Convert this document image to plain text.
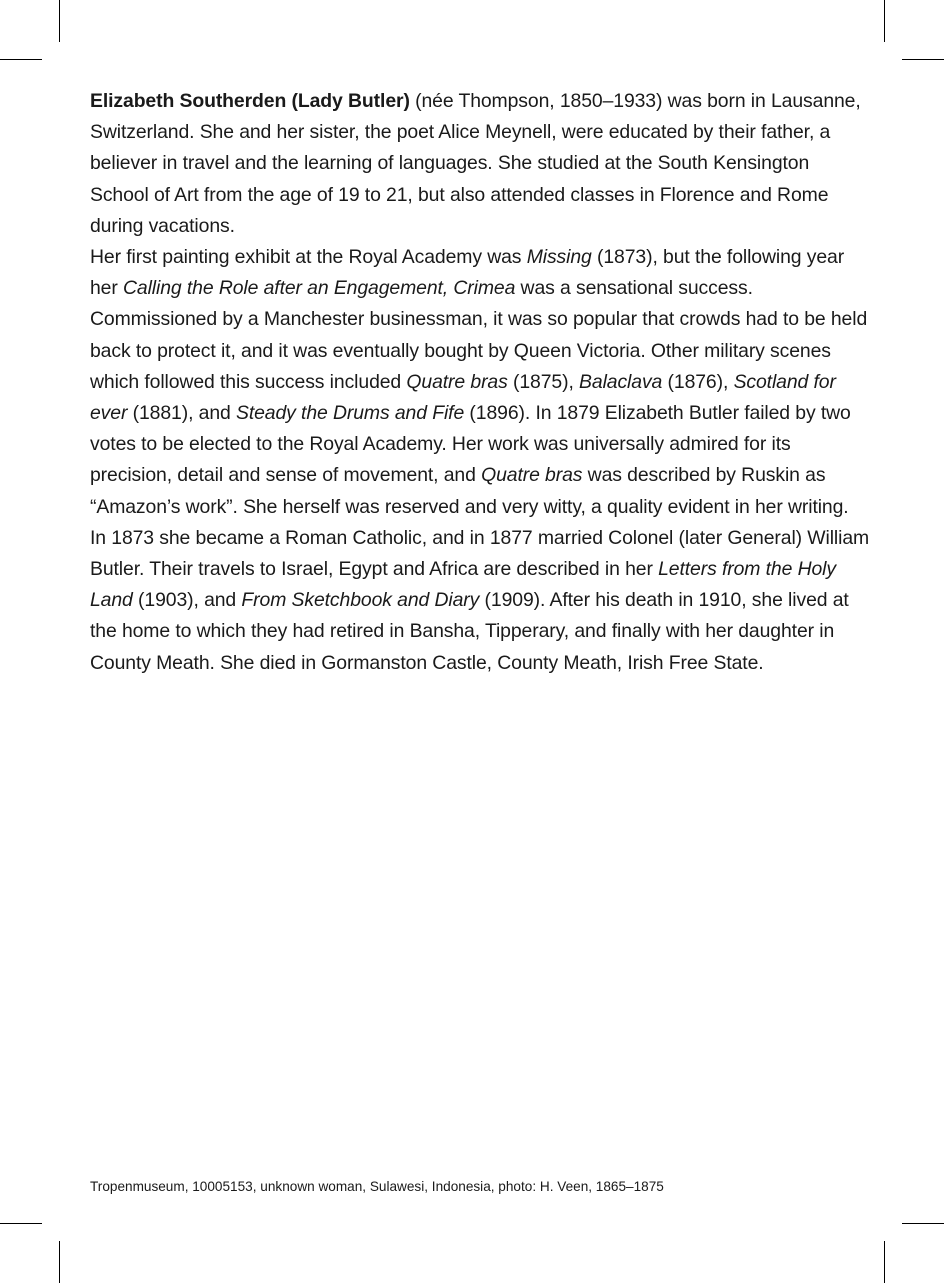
Elizabeth Southerden (Lady Butler) (née Thompson, 1850–1933) was born in Lausanne, Switzerland. She and her sister, the poet Alice Meynell, were educated by their father, a believer in travel and the learning of languages. She studied at the South Kensington School of Art from the age of 19 to 21, but also attended classes in Florence and Rome during vacations.

Her first painting exhibit at the Royal Academy was Missing (1873), but the following year her Calling the Role after an Engagement, Crimea was a sensational success. Commissioned by a Manchester businessman, it was so popular that crowds had to be held back to protect it, and it was eventually bought by Queen Victoria. Other military scenes which followed this success included Quatre bras (1875), Balaclava (1876), Scotland for ever (1881), and Steady the Drums and Fife (1896). In 1879 Elizabeth Butler failed by two votes to be elected to the Royal Academy. Her work was universally admired for its precision, detail and sense of movement, and Quatre bras was described by Ruskin as “Amazon’s work”. She herself was reserved and very witty, a quality evident in her writing.

In 1873 she became a Roman Catholic, and in 1877 married Colonel (later General) William Butler. Their travels to Israel, Egypt and Africa are described in her Letters from the Holy Land (1903), and From Sketchbook and Diary (1909). After his death in 1910, she lived at the home to which they had retired in Bansha, Tipperary, and finally with her daughter in County Meath. She died in Gormanston Castle, County Meath, Irish Free State.

Tropenmuseum, 10005153, unknown woman, Sulawesi, Indonesia, photo: H. Veen, 1865–1875
